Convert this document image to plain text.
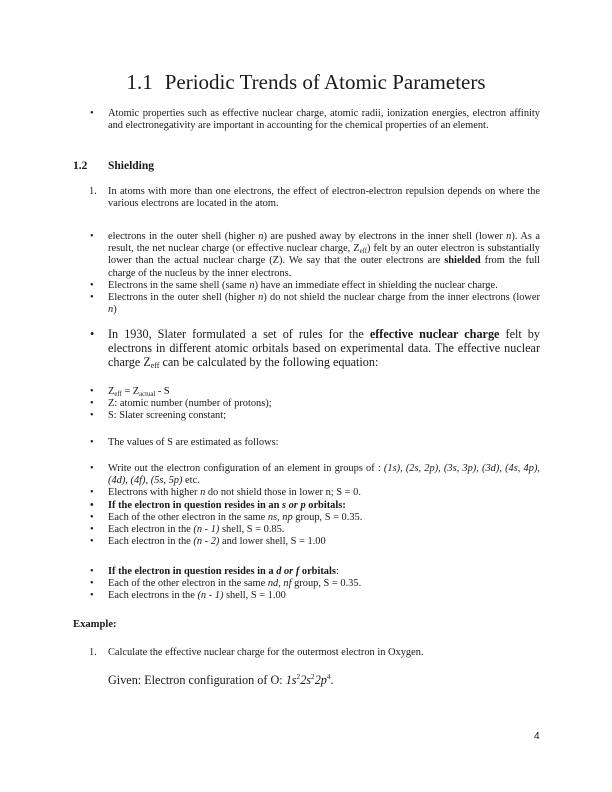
1.1 Periodic Trends of Atomic Parameters
• Atomic properties such as effective nuclear charge, atomic radii, ionization energies, electron affinity and electronegativity are important in accounting for the chemical properties of an element.
1.2 Shielding
1. In atoms with more than one electrons, the effect of electron-electron repulsion depends on where the various electrons are located in the atom.
• electrons in the outer shell (higher n) are pushed away by electrons in the inner shell (lower n). As a result, the net nuclear charge (or effective nuclear charge, $Z_{eff}$) felt by an outer electron is substantially lower than the actual nuclear charge (Z). We say that the outer electrons are shielded from the full charge of the nucleus by the inner electrons.
• Electrons in the same shell (same n) have an immediate effect in shielding the nuclear charge.
• Electrons in the outer shell (higher n) do not shield the nuclear charge from the inner electrons (lower n)
• In 1930, Slater formulated a set of rules for the effective nuclear charge felt by electrons in different atomic orbitals based on experimental data. The effective nuclear charge $Z_{eff}$ can be calculated by the following equation:
• $Z_{eff} = Z_{actual} - S$
• Z: atomic number (number of protons);
• S: Slater screening constant;
• The values of S are estimated as follows:
• Write out the electron configuration of an element in groups of : (1s), (2s, 2p), (3s, 3p), (3d), (4s, 4p), (4d), (4f), (5s, 5p) etc.
• Electrons with higher n do not shield those in lower n; S = 0.
• If the electron in question resides in an s or p orbitals:
• Each of the other electron in the same ns, np group, S = 0.35.
• Each electron in the (n - 1) shell, S = 0.85.
• Each electron in the (n - 2) and lower shell, S = 1.00
• If the electron in question resides in a d or f orbitals:
• Each of the other electron in the same nd, nf group, S = 0.35.
• Each electrons in the (n - 1) shell, S = 1.00
Example:
1. Calculate the effective nuclear charge for the outermost electron in Oxygen.
Given: Electron configuration of O: $1s^22s^22p^4$.
4
